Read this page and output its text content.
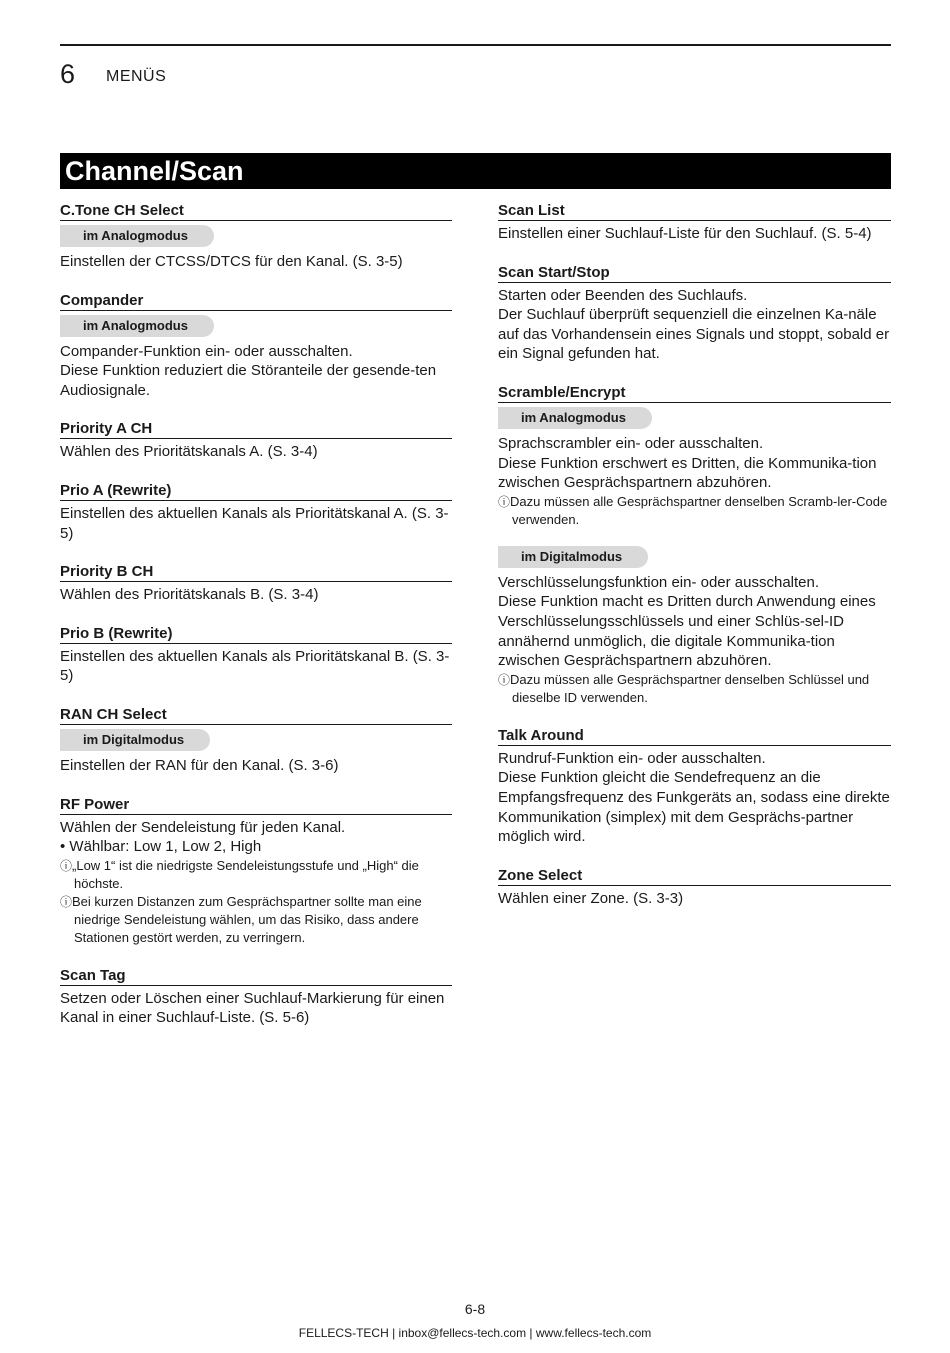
6 MENÜS
Channel/Scan
C.Tone CH Select
im Analogmodus
Einstellen der CTCSS/DTCS für den Kanal. (S. 3-5)
Compander
im Analogmodus
Compander-Funktion ein- oder ausschalten.
Diese Funktion reduziert die Störanteile der gesende-ten Audiosignale.
Priority A CH
Wählen des Prioritätskanals A. (S. 3-4)
Prio A (Rewrite)
Einstellen des aktuellen Kanals als Prioritätskanal A. (S. 3-5)
Priority B CH
Wählen des Prioritätskanals B. (S. 3-4)
Prio B (Rewrite)
Einstellen des aktuellen Kanals als Prioritätskanal B. (S. 3-5)
RAN CH Select
im Digitalmodus
Einstellen der RAN für den Kanal. (S. 3-6)
RF Power
Wählen der Sendeleistung für jeden Kanal.
• Wählbar: Low 1, Low 2, High
ⓘ„Low 1“ ist die niedrigste Sendeleistungsstufe und „High“ die höchste.
ⓘBei kurzen Distanzen zum Gesprächspartner sollte man eine niedrige Sendeleistung wählen, um das Risiko, dass andere Stationen gestört werden, zu verringern.
Scan Tag
Setzen oder Löschen einer Suchlauf-Markierung für einen Kanal in einer Suchlauf-Liste. (S. 5-6)
Scan List
Einstellen einer Suchlauf-Liste für den Suchlauf. (S. 5-4)
Scan Start/Stop
Starten oder Beenden des Suchlaufs.
Der Suchlauf überprüft sequenziell die einzelnen Ka-näle auf das Vorhandensein eines Signals und stoppt, sobald er ein Signal gefunden hat.
Scramble/Encrypt
im Analogmodus
Sprachscrambler ein- oder ausschalten.
Diese Funktion erschwert es Dritten, die Kommunika-tion zwischen Gesprächspartnern abzuhören.
ⓘDazu müssen alle Gesprächspartner denselben Scramb-ler-Code verwenden.
im Digitalmodus
Verschlüsselungsfunktion ein- oder ausschalten.
Diese Funktion macht es Dritten durch Anwendung eines Verschlüsselungsschlüssels und einer Schlüs-sel-ID annähernd unmöglich, die digitale Kommunika-tion zwischen Gesprächspartnern abzuhören.
ⓘDazu müssen alle Gesprächspartner denselben Schlüssel und dieselbe ID verwenden.
Talk Around
Rundruf-Funktion ein- oder ausschalten.
Diese Funktion gleicht die Sendefrequenz an die Empfangsfrequenz des Funkgeräts an, sodass eine direkte Kommunikation (simplex) mit dem Gesprächs-partner möglich wird.
Zone Select
Wählen einer Zone. (S. 3-3)
6-8
FELLECS-TECH | inbox@fellecs-tech.com | www.fellecs-tech.com
